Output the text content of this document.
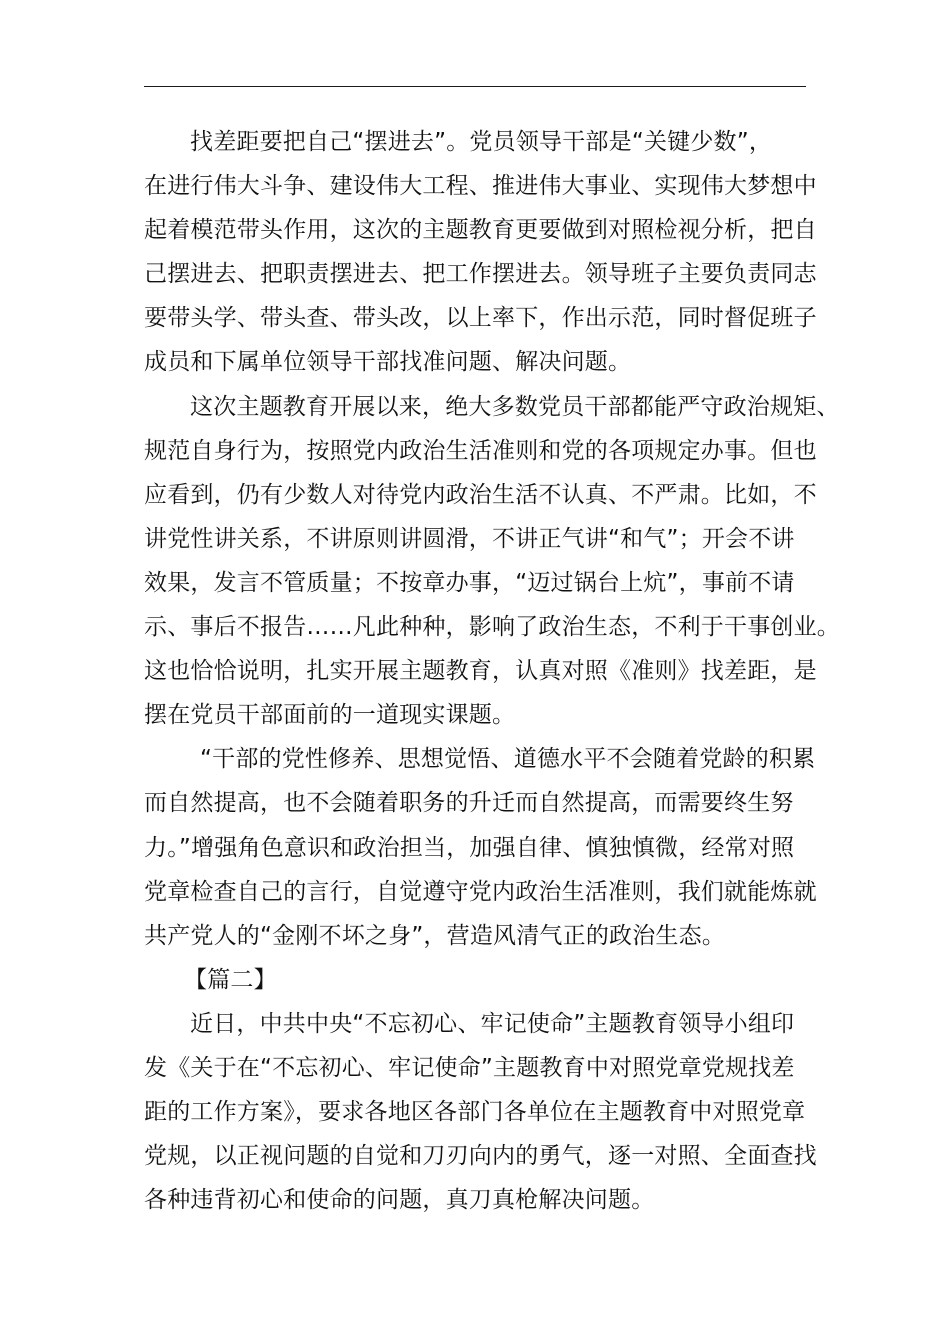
找差距要把自己“摆进去”。党员领导干部是“关键少数”，
在进行伟大斗争、建设伟大工程、推进伟大事业、实现伟大梦想中
起着模范带头作用，这次的主题教育更要做到对照检视分析，把自
己摆进去、把职责摆进去、把工作摆进去。领导班子主要负责同志
要带头学、带头查、带头改，以上率下，作出示范，同时督促班子
成员和下属单位领导干部找准问题、解决问题。

这次主题教育开展以来，绝大多数党员干部都能严守政治规矩、
规范自身行为，按照党内政治生活准则和党的各项规定办事。但也
应看到，仍有少数人对待党内政治生活不认真、不严肃。比如，不
讲党性讲关系，不讲原则讲圆滑，不讲正气讲“和气”；开会不讲
效果，发言不管质量；不按章办事，“迈过锅台上炕”，事前不请
示、事后不报告……凡此种种，影响了政治生态，不利于干事创业。
这也恰恰说明，扎实开展主题教育，认真对照《准则》找差距，是
摆在党员干部面前的一道现实课题。

“干部的党性修养、思想觉悟、道德水平不会随着党龄的积累
而自然提高，也不会随着职务的升迁而自然提高，而需要终生努
力。”增强角色意识和政治担当，加强自律、慎独慎微，经常对照
党章检查自己的言行，自觉遵守党内政治生活准则，我们就能炼就
共产党人的“金刚不坏之身”，营造风清气正的政治生态。

【篇二】

近日，中共中央“不忘初心、牢记使命”主题教育领导小组印
发《关于在“不忘初心、牢记使命”主题教育中对照党章党规找差
距的工作方案》，要求各地区各部门各单位在主题教育中对照党章
党规，以正视问题的自觉和刀刃向内的勇气，逐一对照、全面查找
各种违背初心和使命的问题，真刀真枪解决问题。
